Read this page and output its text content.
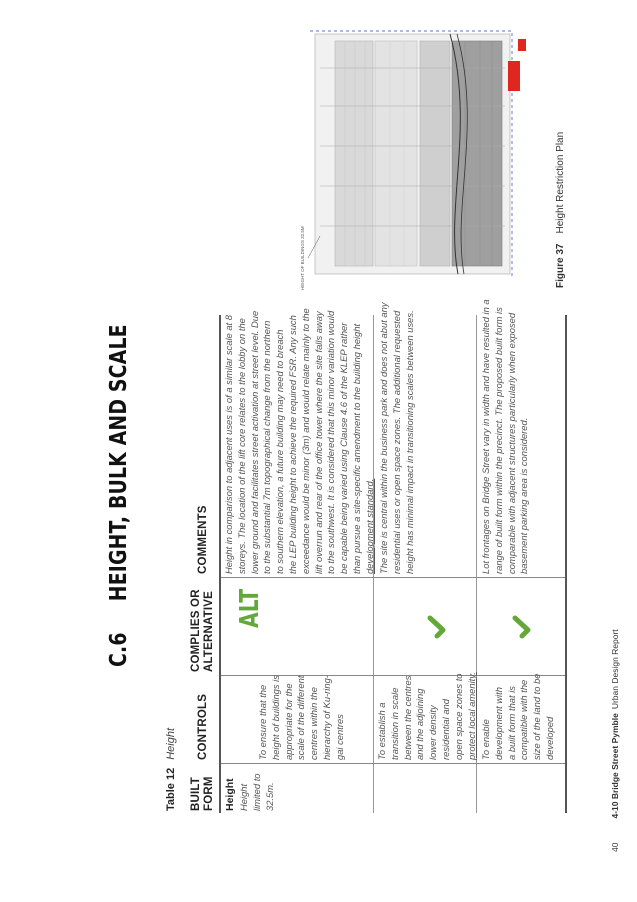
C.6HEIGHT, BULK AND SCALE
Table 12Height
BUILT FORM
CONTROLS
COMPLIES OR ALTERNATIVE
COMMENTS
Height Height limited to 32.5m.
To ensure that the height of buildings is appropriate for the scale of the different centres within the hierarchy of Ku-ring- gai centres
ALT
Height in comparison to adjacent uses is of a similar scale at 8 storeys. The location of the lift core relates to the lobby on the lower ground and facilitates street activation at street level. Due to the substantial 7m topographical change from the northern to southern elevation, a future building may need to breach the LEP building height to achieve the required FSR. Any such exceedance would be minor (3m) and would relate mainly to the lift overrun and rear of the office tower where the site falls away to the southwest. It is considered that this minor variation would be capable being varied using Clause 4.6 of the KLEP rather than pursue a site-specific amendment to the building height development standard.
To establish a transition in scale between the centres and the adjoining lower density residential and open space zones to protect local amenity.
The site is central within the business park and does not abut any residential uses or open space zones. The additional requested height has minimal impact in transitioning scales between uses.
To enable development with a built form that is compatible with the size of the land to be developed
Lot frontages on Bridge Street vary in width and have resulted in a range of built form within the precinct. The proposed built form is comparable with adjacent structures particularly when exposed basement parking area is considered.
404-10 Bridge Street PymbleUrban Design Report
HEIGHT OF BUILDINGS 32.5M	Figure 37Height Restriction Plan
